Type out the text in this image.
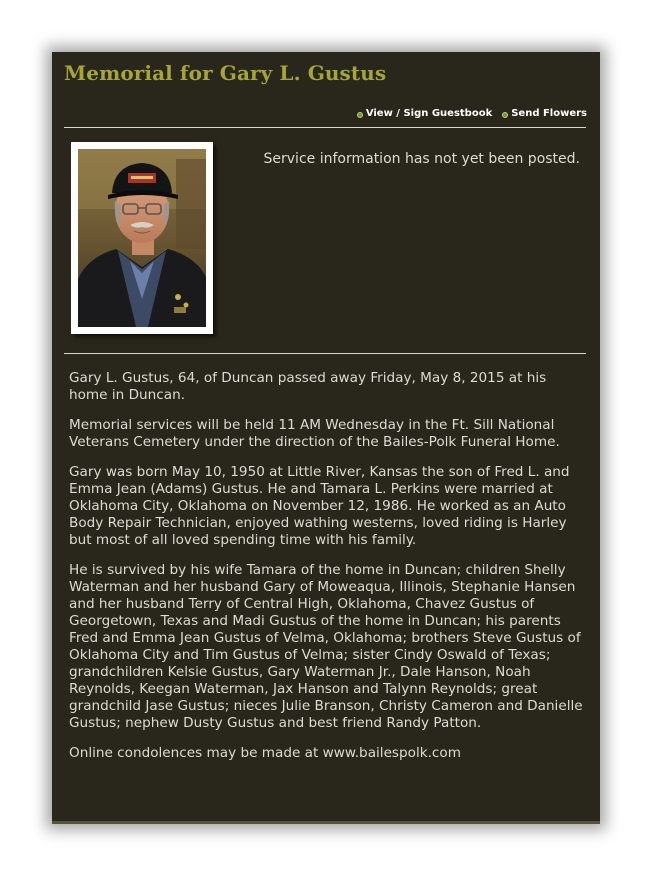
Memorial for Gary L. Gustus
View / Sign Guestbook Send Flowers
Service information has not yet been posted.

Gary L. Gustus, 64, of Duncan passed away Friday, May 8, 2015 at his home in Duncan.

Memorial services will be held 11 AM Wednesday in the Ft. Sill National Veterans Cemetery under the direction of the Bailes-Polk Funeral Home.

Gary was born May 10, 1950 at Little River, Kansas the son of Fred L. and Emma Jean (Adams) Gustus. He and Tamara L. Perkins were married at Oklahoma City, Oklahoma on November 12, 1986. He worked as an Auto Body Repair Technician, enjoyed wathing westerns, loved riding is Harley but most of all loved spending time with his family.

He is survived by his wife Tamara of the home in Duncan; children Shelly Waterman and her husband Gary of Moweaqua, Illinois, Stephanie Hansen and her husband Terry of Central High, Oklahoma, Chavez Gustus of Georgetown, Texas and Madi Gustus of the home in Duncan; his parents Fred and Emma Jean Gustus of Velma, Oklahoma; brothers Steve Gustus of Oklahoma City and Tim Gustus of Velma; sister Cindy Oswald of Texas; grandchildren Kelsie Gustus, Gary Waterman Jr., Dale Hanson, Noah Reynolds, Keegan Waterman, Jax Hanson and Talynn Reynolds; great grandchild Jase Gustus; nieces Julie Branson, Christy Cameron and Danielle Gustus; nephew Dusty Gustus and best friend Randy Patton.

Online condolences may be made at www.bailespolk.com
